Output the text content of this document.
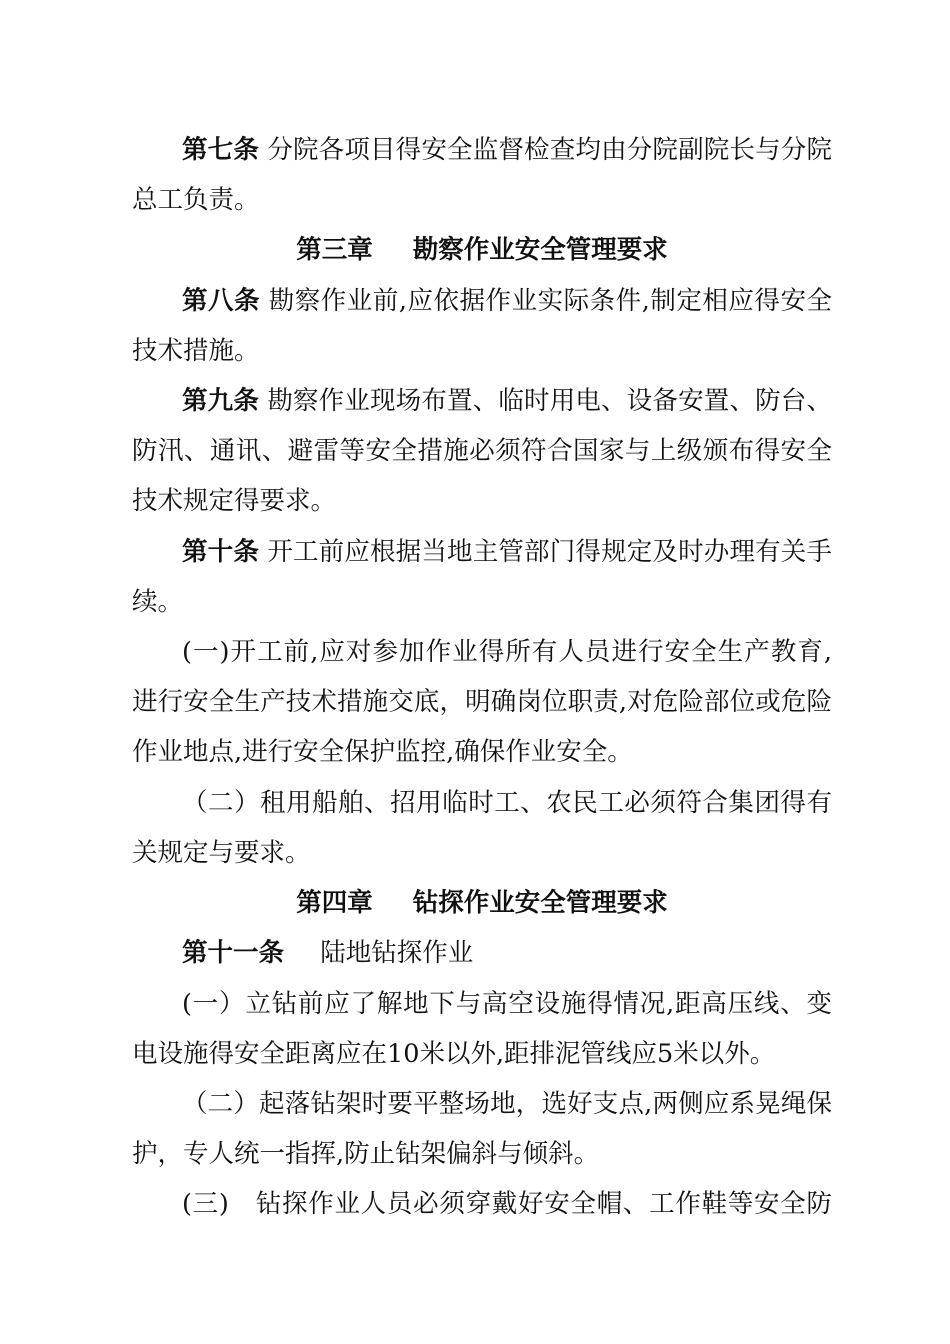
第七条 分院各项目得安全监督检查均由分院副院长与分院
总工负责。
第三章 勘察作业安全管理要求
第八条 勘察作业前,应依据作业实际条件,制定相应得安全
技术措施。
第九条 勘察作业现场布置、临时用电、设备安置、防台、
防汛、通讯、避雷等安全措施必须符合国家与上级颁布得安全
技术规定得要求。
第十条 开工前应根据当地主管部门得规定及时办理有关手
续。
(一)开工前,应对参加作业得所有人员进行安全生产教育,
进行安全生产技术措施交底，明确岗位职责,对危险部位或危险
作业地点,进行安全保护监控,确保作业安全。
（二）租用船舶、招用临时工、农民工必须符合集团得有
关规定与要求。
第四章 钻探作业安全管理要求
第十一条 陆地钻探作业
(一）立钻前应了解地下与高空设施得情况,距高压线、变
电设施得安全距离应在10米以外,距排泥管线应5米以外。
（二）起落钻架时要平整场地，选好支点,两侧应系晃绳保
护，专人统一指挥,防止钻架偏斜与倾斜。
(三)　钻探作业人员必须穿戴好安全帽、工作鞋等安全防
